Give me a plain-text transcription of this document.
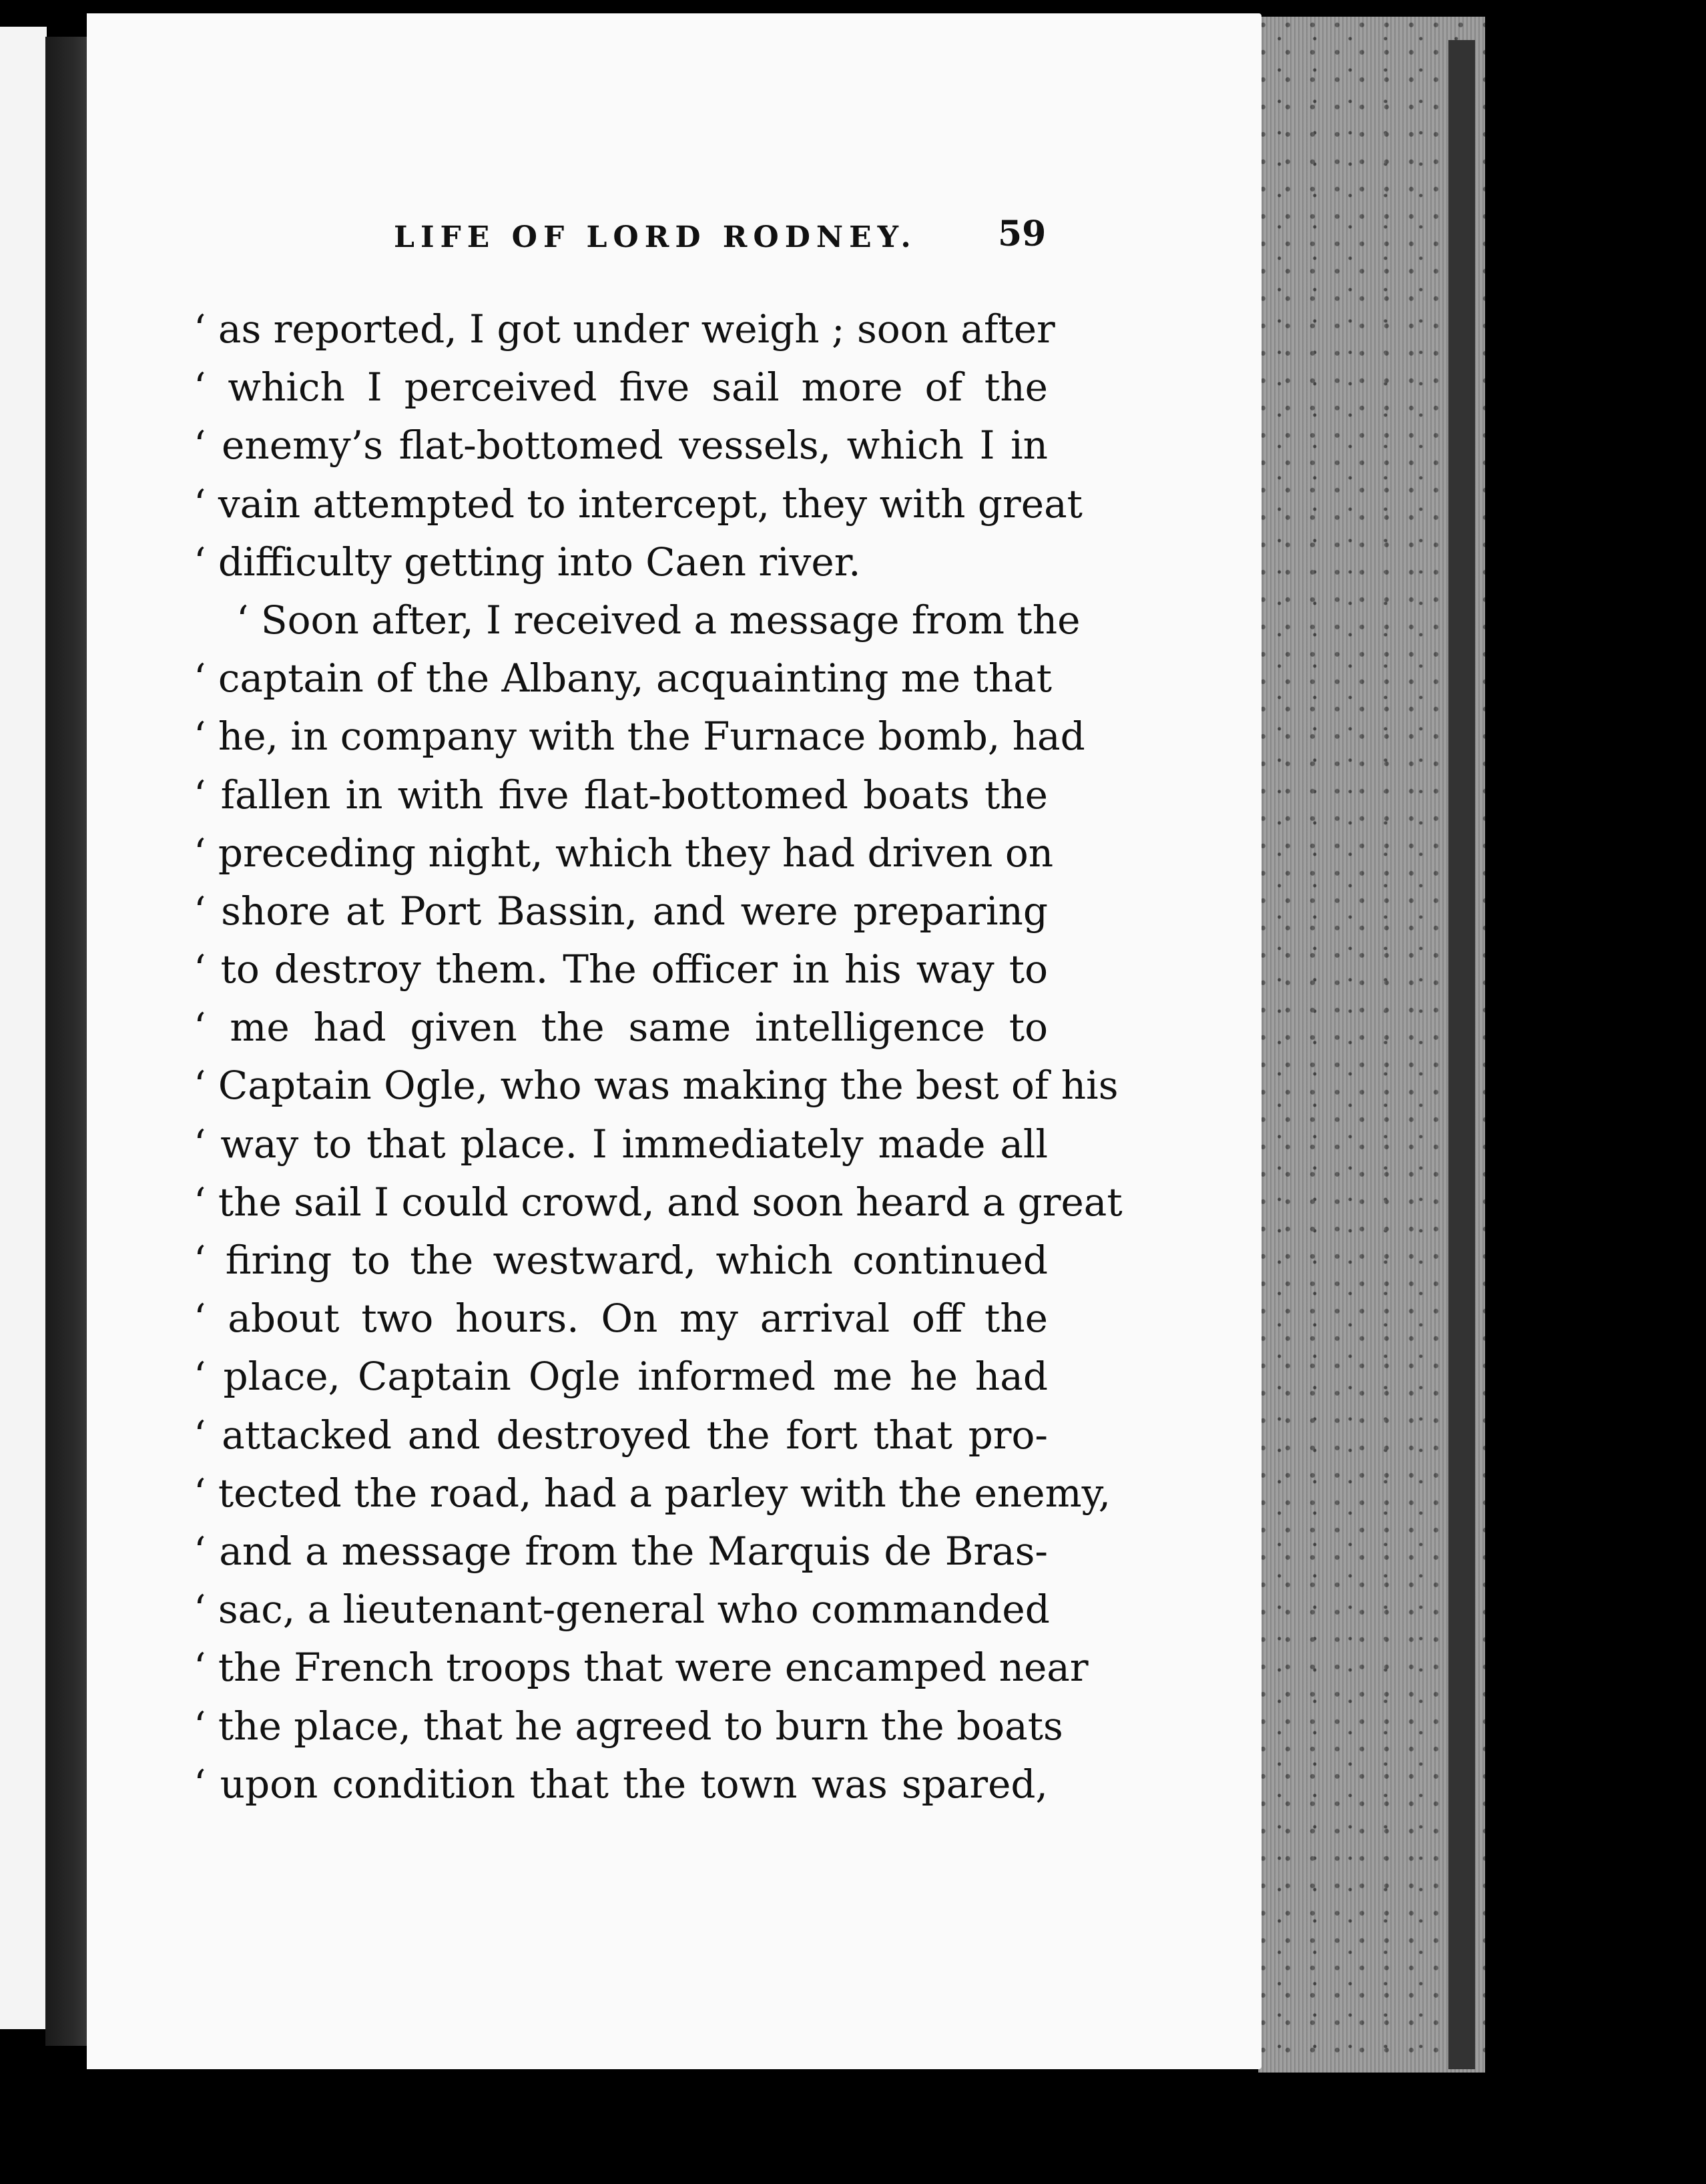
LIFE OF LORD RODNEY. 59
‘ as reported, I got under weigh ; soon after
‘ which I perceived five sail more of the
‘ enemy’s flat-bottomed vessels, which I in
‘ vain attempted to intercept, they with great
‘ difficulty getting into Caen river.
‘ Soon after, I received a message from the
‘ captain of the Albany, acquainting me that
‘ he, in company with the Furnace bomb, had
‘ fallen in with five flat-bottomed boats the
‘ preceding night, which they had driven on
‘ shore at Port Bassin, and were preparing
‘ to destroy them. The officer in his way to
‘ me had given the same intelligence to
‘ Captain Ogle, who was making the best of his
‘ way to that place. I immediately made all
‘ the sail I could crowd, and soon heard a great
‘ firing to the westward, which continued
‘ about two hours. On my arrival off the
‘ place, Captain Ogle informed me he had
‘ attacked and destroyed the fort that pro-
‘ tected the road, had a parley with the enemy,
‘ and a message from the Marquis de Bras-
‘ sac, a lieutenant-general who commanded
‘ the French troops that were encamped near
‘ the place, that he agreed to burn the boats
‘ upon condition that the town was spared,
